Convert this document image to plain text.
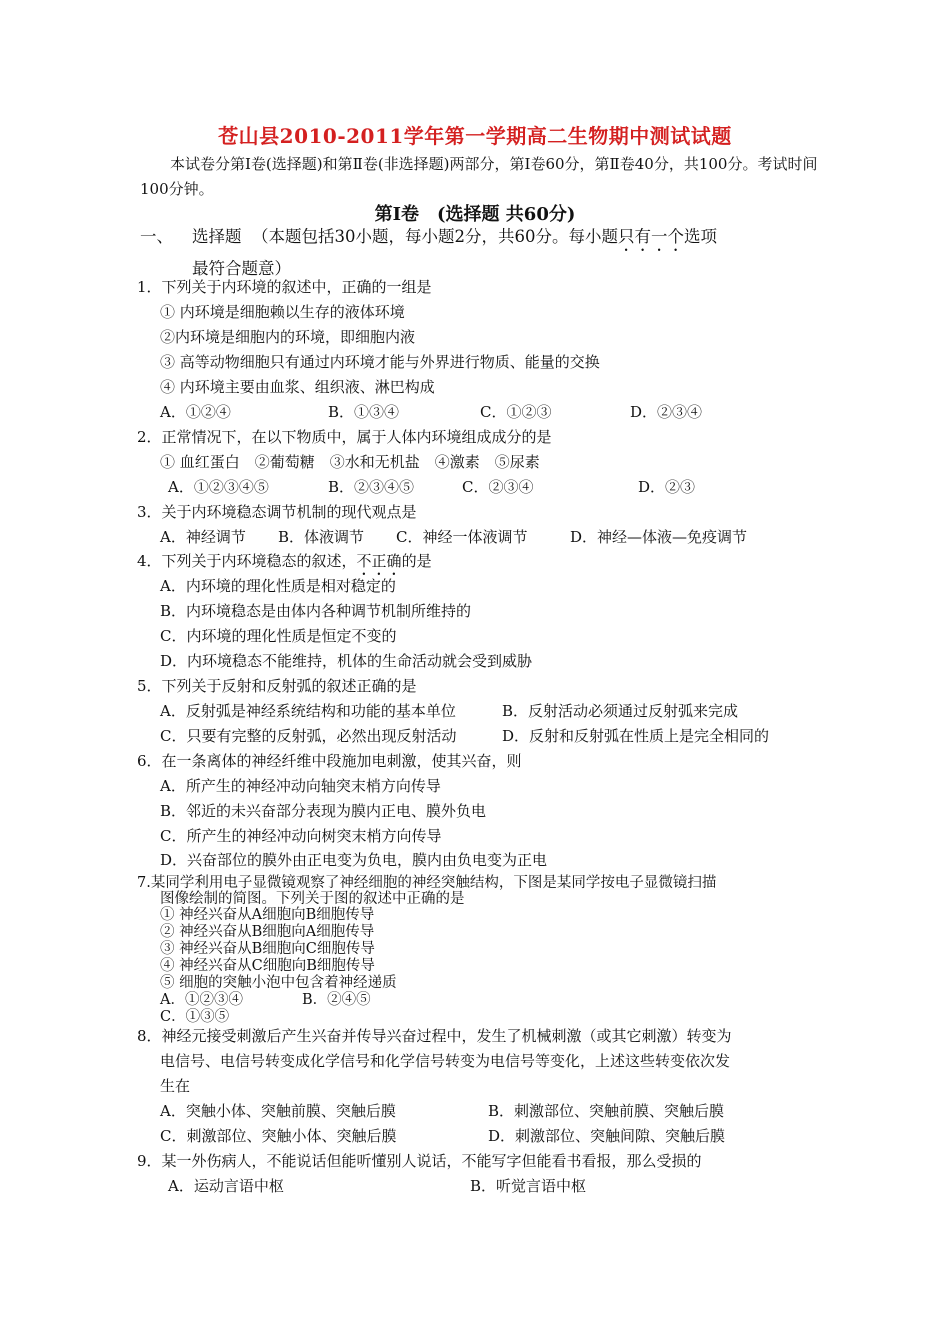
苍山县2010-2011学年第一学期高二生物期中测试试题
本试卷分第Ⅰ卷(选择题)和第Ⅱ卷(非选择题)两部分，第Ⅰ卷60分，第Ⅱ卷40分，共100分。考试时间100分钟。
第Ⅰ卷　(选择题 共60分)
一、 选择题 （本题包括30小题，每小题2分，共60分。每小题只有一个选项
最符合题意）
1．下列关于内环境的叙述中，正确的一组是
① 内环境是细胞赖以生存的液体环境
②内环境是细胞内的环境，即细胞内液
③ 高等动物细胞只有通过内环境才能与外界进行物质、能量的交换
④ 内环境主要由血浆、组织液、淋巴构成
A．①②④	B．①③④	C．①②③	D．②③④
2．正常情况下，在以下物质中，属于人体内环境组成成分的是
① 血红蛋白　②葡萄糖　③水和无机盐　④激素　⑤尿素
A．①②③④⑤	B．②③④⑤	C．②③④	D．②③
3．关于内环境稳态调节机制的现代观点是
A．神经调节 B．体液调节 C．神经一体液调节	D．神经—体液—免疫调节
4．下列关于内环境稳态的叙述，不正确的是
A．内环境的理化性质是相对稳定的
B．内环境稳态是由体内各种调节机制所维持的
C．内环境的理化性质是恒定不变的
D．内环境稳态不能维持，机体的生命活动就会受到威胁
5．下列关于反射和反射弧的叙述正确的是
A．反射弧是神经系统结构和功能的基本单位	B．反射活动必须通过反射弧来完成
C．只要有完整的反射弧，必然出现反射活动	D．反射和反射弧在性质上是完全相同的
6．在一条离体的神经纤维中段施加电刺激，使其兴奋，则
A．所产生的神经冲动向轴突末梢方向传导
B．邻近的未兴奋部分表现为膜内正电、膜外负电
C．所产生的神经冲动向树突末梢方向传导
D．兴奋部位的膜外由正电变为负电，膜内由负电变为正电
7.某同学利用电子显微镜观察了神经细胞的神经突触结构，下图是某同学按电子显微镜扫描
图像绘制的简图。下列关于图的叙述中正确的是
① 神经兴奋从A细胞向B细胞传导
② 神经兴奋从B细胞向A细胞传导
③ 神经兴奋从B细胞向C细胞传导
④ 神经兴奋从C细胞向B细胞传导
⑤ 细胞的突触小泡中包含着神经递质
A．①②③④	B．②④⑤
C．①③⑤
8．神经元接受刺激后产生兴奋并传导兴奋过程中，发生了机械刺激（或其它刺激）转变为
电信号、电信号转变成化学信号和化学信号转变为电信号等变化，上述这些转变依次发
生在
A．突触小体、突触前膜、突触后膜	B．刺激部位、突触前膜、突触后膜
C．刺激部位、突触小体、突触后膜	D．刺激部位、突触间隙、突触后膜
9．某一外伤病人，不能说话但能听懂别人说话，不能写字但能看书看报，那么受损的
A．运动言语中枢	B．听觉言语中枢
